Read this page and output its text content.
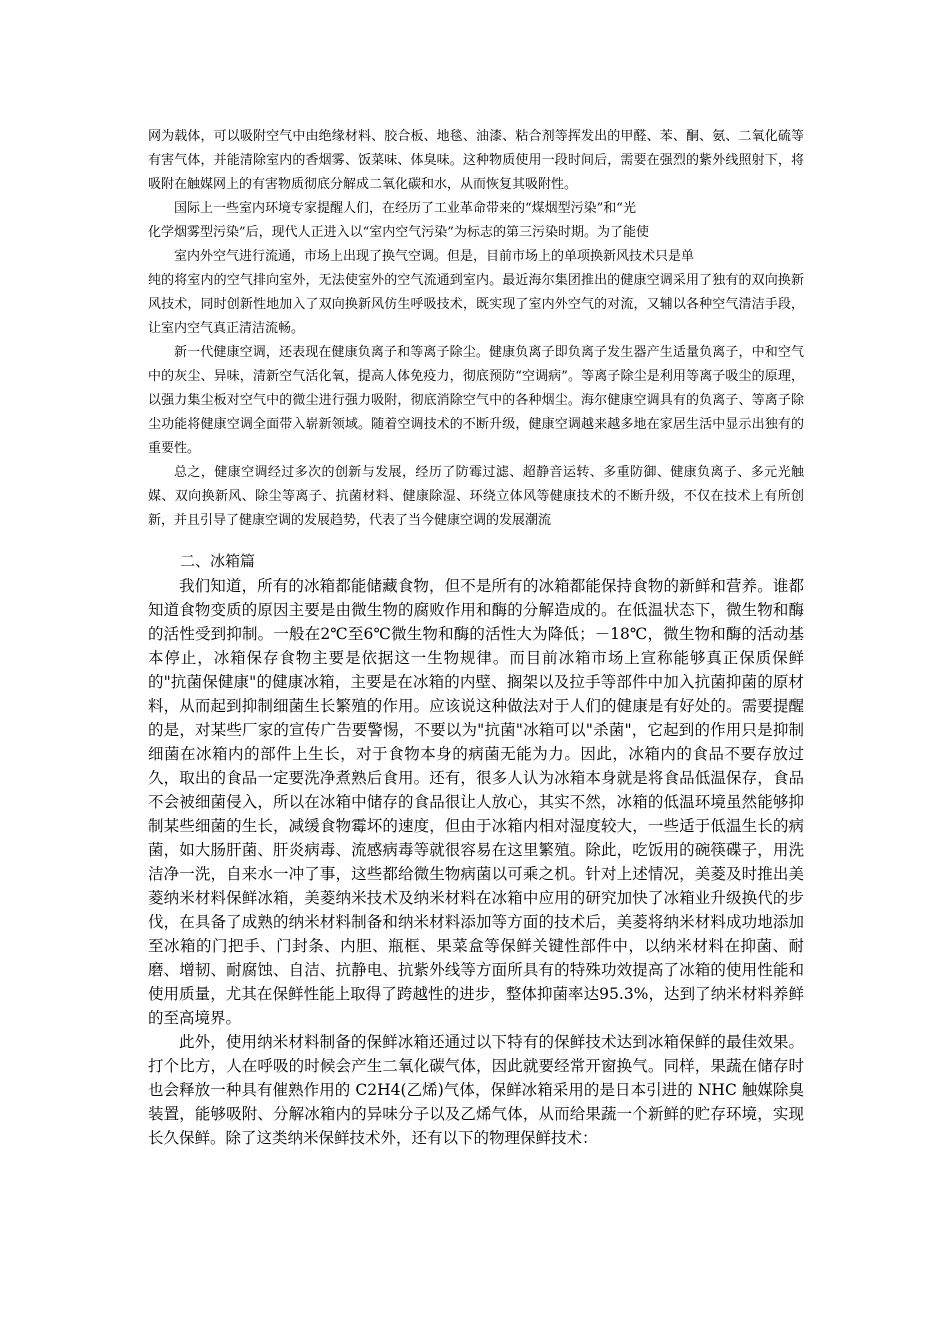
网为载体，可以吸附空气中由绝缘材料、胶合板、地毯、油漆、粘合剂等挥发出的甲醛、苯、酮、氨、二氧化硫等有害气体，并能清除室内的香烟雾、饭菜味、体臭味。这种物质使用一段时间后，需要在强烈的紫外线照射下，将吸附在触媒网上的有害物质彻底分解成二氧化碳和水，从而恢复其吸附性。

国际上一些室内环境专家提醒人们，在经历了工业革命带来的“煤烟型污染”和“光
化学烟雾型污染”后，现代人正进入以“室内空气污染”为标志的第三污染时期。为了能使
室内外空气进行流通，市场上出现了换气空调。但是，目前市场上的单项换新风技术只是单

纯的将室内的空气排向室外，无法使室外的空气流通到室内。最近海尔集团推出的健康空调采用了独有的双向换新风技术，同时创新性地加入了双向换新风仿生呼吸技术，既实现了室内外空气的对流，又辅以各种空气清洁手段，让室内空气真正清洁流畅。

新一代健康空调，还表现在健康负离子和等离子除尘。健康负离子即负离子发生器产生适量负离子，中和空气中的灰尘、异味，清新空气活化氧，提高人体免疫力，彻底预防“空调病”。等离子除尘是利用等离子吸尘的原理，以强力集尘板对空气中的微尘进行强力吸附，彻底消除空气中的各种烟尘。海尔健康空调具有的负离子、等离子除尘功能将健康空调全面带入崭新领域。随着空调技术的不断升级，健康空调越来越多地在家居生活中显示出独有的重要性。

总之，健康空调经过多次的创新与发展，经历了防霉过滤、超静音运转、多重防御、健康负离子、多元光触媒、双向换新风、除尘等离子、抗菌材料、健康除湿、环绕立体风等健康技术的不断升级，不仅在技术上有所创新，并且引导了健康空调的发展趋势，代表了当今健康空调的发展潮流

二、冰箱篇

我们知道，所有的冰箱都能储藏食物，但不是所有的冰箱都能保持食物的新鲜和营养。谁都知道食物变质的原因主要是由微生物的腐败作用和酶的分解造成的。在低温状态下，微生物和酶的活性受到抑制。一般在2℃至6℃微生物和酶的活性大为降低；－18℃，微生物和酶的活动基本停止，冰箱保存食物主要是依据这一生物规律。而目前冰箱市场上宣称能够真正保质保鲜的"抗菌保健康"的健康冰箱，主要是在冰箱的内壁、搁架以及拉手等部件中加入抗菌抑菌的原材料，从而起到抑制细菌生长繁殖的作用。应该说这种做法对于人们的健康是有好处的。需要提醒的是，对某些厂家的宣传广告要警惕，不要以为"抗菌"冰箱可以"杀菌"，它起到的作用只是抑制细菌在冰箱内的部件上生长，对于食物本身的病菌无能为力。因此，冰箱内的食品不要存放过久，取出的食品一定要洗净煮熟后食用。还有，很多人认为冰箱本身就是将食品低温保存，食品不会被细菌侵入，所以在冰箱中储存的食品很让人放心，其实不然，冰箱的低温环境虽然能够抑制某些细菌的生长，减缓食物霉坏的速度，但由于冰箱内相对湿度较大，一些适于低温生长的病菌，如大肠肝菌、肝炎病毒、流感病毒等就很容易在这里繁殖。除此，吃饭用的碗筷碟子，用洗洁净一洗，自来水一冲了事，这些都给微生物病菌以可乘之机。针对上述情况，美菱及时推出美菱纳米材料保鲜冰箱，美菱纳米技术及纳米材料在冰箱中应用的研究加快了冰箱业升级换代的步伐，在具备了成熟的纳米材料制备和纳米材料添加等方面的技术后，美菱将纳米材料成功地添加至冰箱的门把手、门封条、内胆、瓶框、果菜盒等保鲜关键性部件中，以纳米材料在抑菌、耐磨、增韧、耐腐蚀、自洁、抗静电、抗紫外线等方面所具有的特殊功效提高了冰箱的使用性能和使用质量，尤其在保鲜性能上取得了跨越性的进步，整体抑菌率达95.3%，达到了纳米材料养鲜的至高境界。

此外，使用纳米材料制备的保鲜冰箱还通过以下特有的保鲜技术达到冰箱保鲜的最佳效果。打个比方，人在呼吸的时候会产生二氧化碳气体，因此就要经常开窗换气。同样，果蔬在储存时也会释放一种具有催熟作用的 C2H4(乙烯)气体，保鲜冰箱采用的是日本引进的 NHC 触媒除臭装置，能够吸附、分解冰箱内的异味分子以及乙烯气体，从而给果蔬一个新鲜的贮存环境，实现长久保鲜。除了这类纳米保鲜技术外，还有以下的物理保鲜技术：
